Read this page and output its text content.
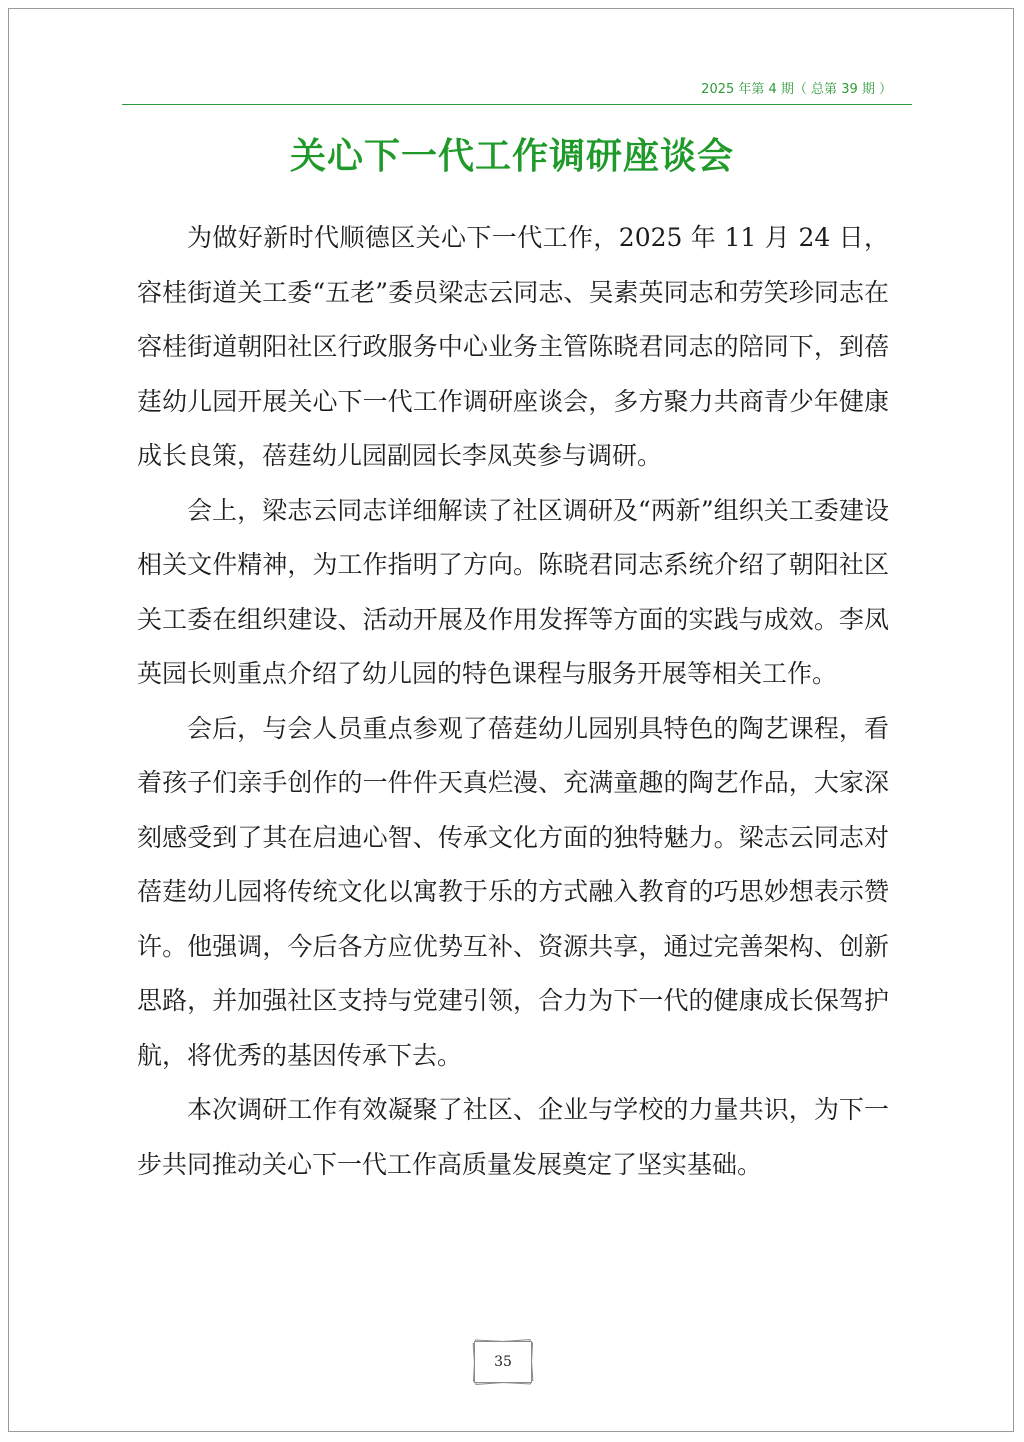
2025 年第 4 期（ 总第 39 期 ）
关心下一代工作调研座谈会

为做好新时代顺德区关心下一代工作，2025 年 11 月 24 日，容桂街道关工委“五老”委员梁志云同志、吴素英同志和劳笑珍同志在容桂街道朝阳社区行政服务中心业务主管陈晓君同志的陪同下，到蓓莛幼儿园开展关心下一代工作调研座谈会，多方聚力共商青少年健康成长良策，蓓莛幼儿园副园长李凤英参与调研。

会上，梁志云同志详细解读了社区调研及“两新”组织关工委建设相关文件精神，为工作指明了方向。陈晓君同志系统介绍了朝阳社区关工委在组织建设、活动开展及作用发挥等方面的实践与成效。李凤英园长则重点介绍了幼儿园的特色课程与服务开展等相关工作。

会后，与会人员重点参观了蓓莛幼儿园别具特色的陶艺课程，看着孩子们亲手创作的一件件天真烂漫、充满童趣的陶艺作品，大家深刻感受到了其在启迪心智、传承文化方面的独特魅力。梁志云同志对蓓莛幼儿园将传统文化以寓教于乐的方式融入教育的巧思妙想表示赞许。他强调，今后各方应优势互补、资源共享，通过完善架构、创新思路，并加强社区支持与党建引领，合力为下一代的健康成长保驾护航，将优秀的基因传承下去。

本次调研工作有效凝聚了社区、企业与学校的力量共识，为下一步共同推动关心下一代工作高质量发展奠定了坚实基础。

35
